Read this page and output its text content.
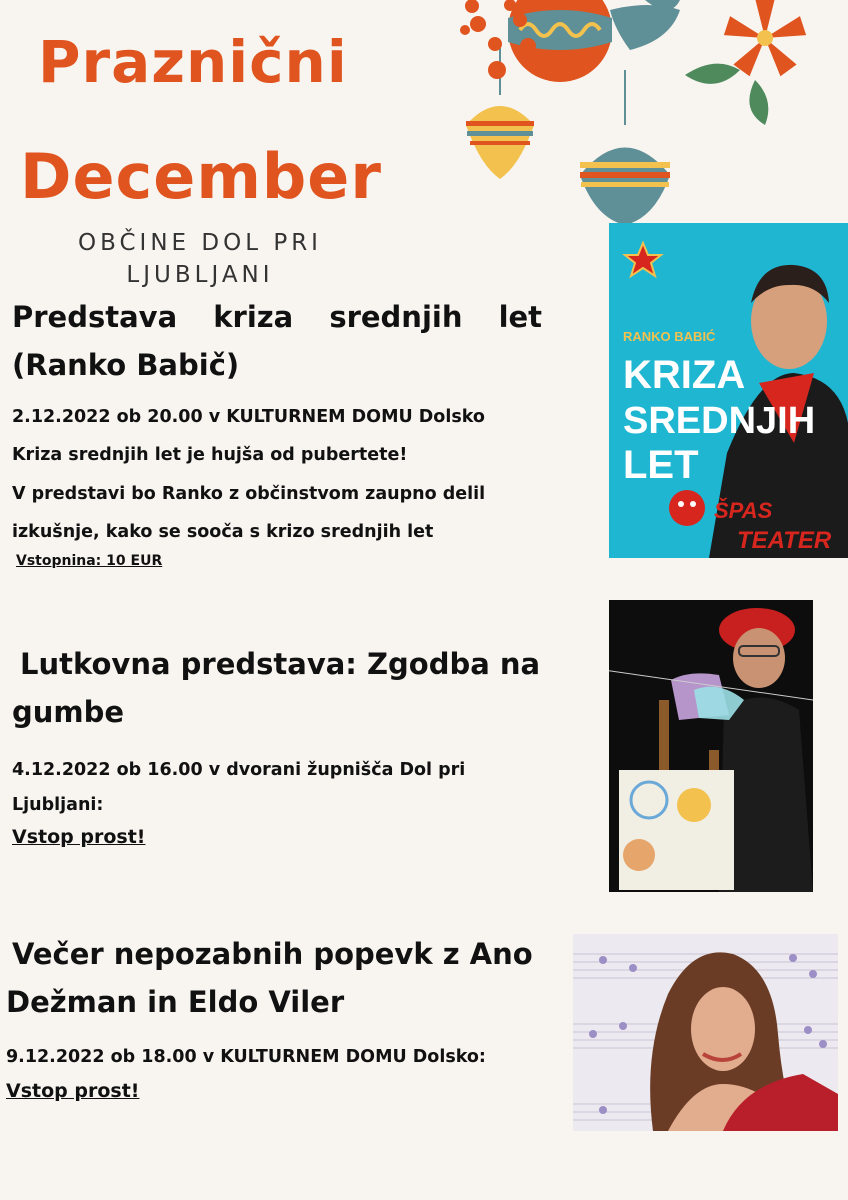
Praznični
December
OBČINE DOL PRI
LJUBLJANI
Predstava kriza srednjih let
(Ranko Babič)
2.12.2022 ob 20.00 v KULTURNEM DOMU Dolsko
Kriza srednjih let je hujša od pubertete!
V predstavi bo Ranko z občinstvom zaupno delil
izkušnje, kako se sooča s krizo srednjih let
Vstopnina: 10 EUR
RANKO BABIĆ
KRIZA
SREDNJIH
LET
ŠPAS
TEATER
Lutkovna predstava: Zgodba na
gumbe
4.12.2022 ob 16.00 v dvorani župnišča Dol pri
Ljubljani:
Vstop prost!
Večer nepozabnih popevk z Ano
Dežman in Eldo Viler
9.12.2022 ob 18.00 v KULTURNEM DOMU Dolsko:
Vstop prost!
